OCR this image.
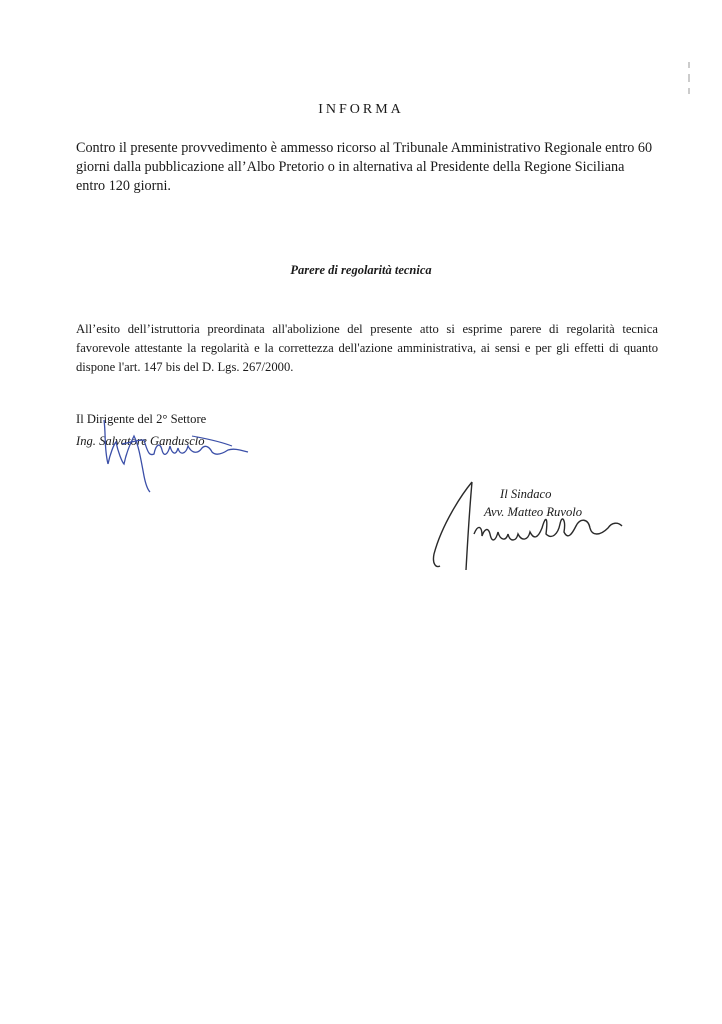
INFORMA
Contro il presente provvedimento è ammesso ricorso al Tribunale Amministrativo Regionale entro 60 giorni dalla pubblicazione all’Albo Pretorio o in alternativa al Presidente della Regione Siciliana entro 120 giorni.
Parere di regolarità tecnica
All’esito dell’istruttoria preordinata all'abolizione del presente atto si esprime parere di regolarità tecnica favorevole attestante la regolarità e la correttezza dell'azione amministrativa, ai sensi e per gli effetti di quanto dispone l'art. 147 bis del D. Lgs. 267/2000.
Il Dirigente del 2° Settore
Ing. Salvatore Gandusclo
Il Sindaco
Avv. Matteo Ruvolo
